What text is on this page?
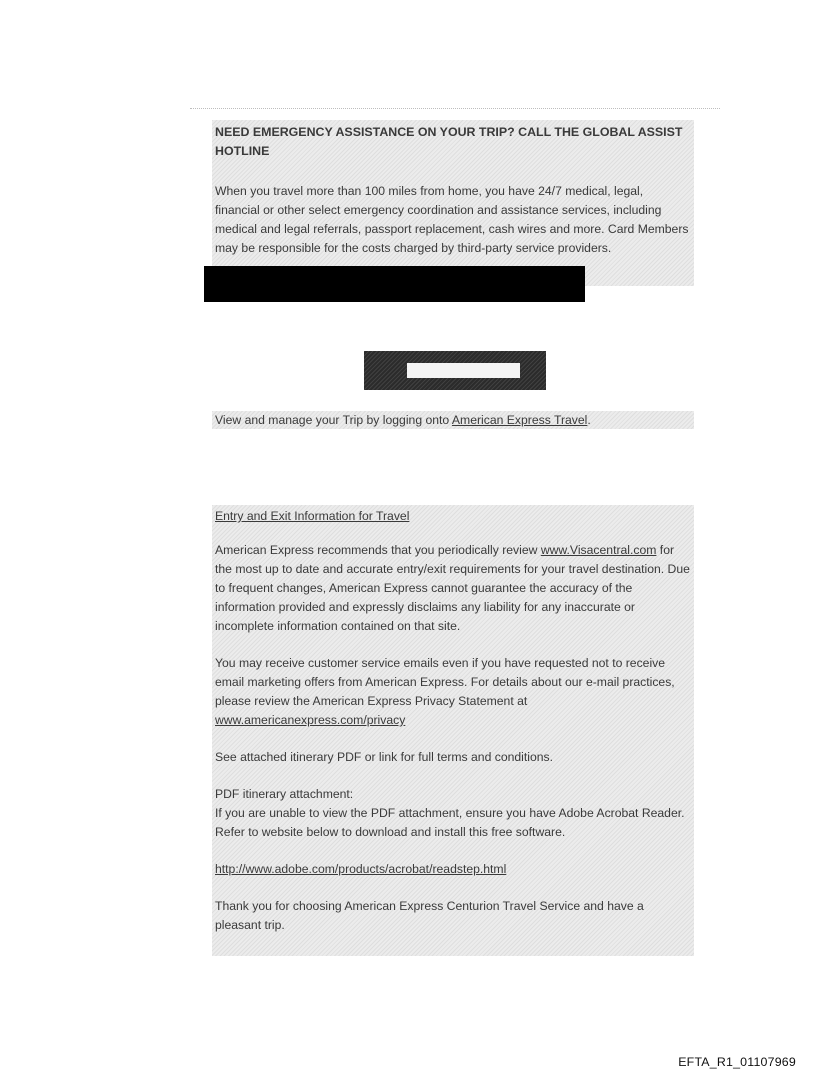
NEED EMERGENCY ASSISTANCE ON YOUR TRIP? CALL THE GLOBAL ASSIST HOTLINE

When you travel more than 100 miles from home, you have 24/7 medical, legal, financial or other select emergency coordination and assistance services, including medical and legal referrals, passport replacement, cash wires and more. Card Members may be responsible for the costs charged by third-party service providers.

View and manage your Trip by logging onto American Express Travel.

Entry and Exit Information for Travel

American Express recommends that you periodically review www.Visacentral.com for the most up to date and accurate entry/exit requirements for your travel destination. Due to frequent changes, American Express cannot guarantee the accuracy of the information provided and expressly disclaims any liability for any inaccurate or incomplete information contained on that site.

You may receive customer service emails even if you have requested not to receive email marketing offers from American Express. For details about our e-mail practices, please review the American Express Privacy Statement at

www.americanexpress.com/privacy

See attached itinerary PDF or link for full terms and conditions.

PDF itinerary attachment:

If you are unable to view the PDF attachment, ensure you have Adobe Acrobat Reader. Refer to website below to download and install this free software.

http://www.adobe.com/products/acrobat/readstep.html

Thank you for choosing American Express Centurion Travel Service and have a pleasant trip.

EFTA_R1_01107969
